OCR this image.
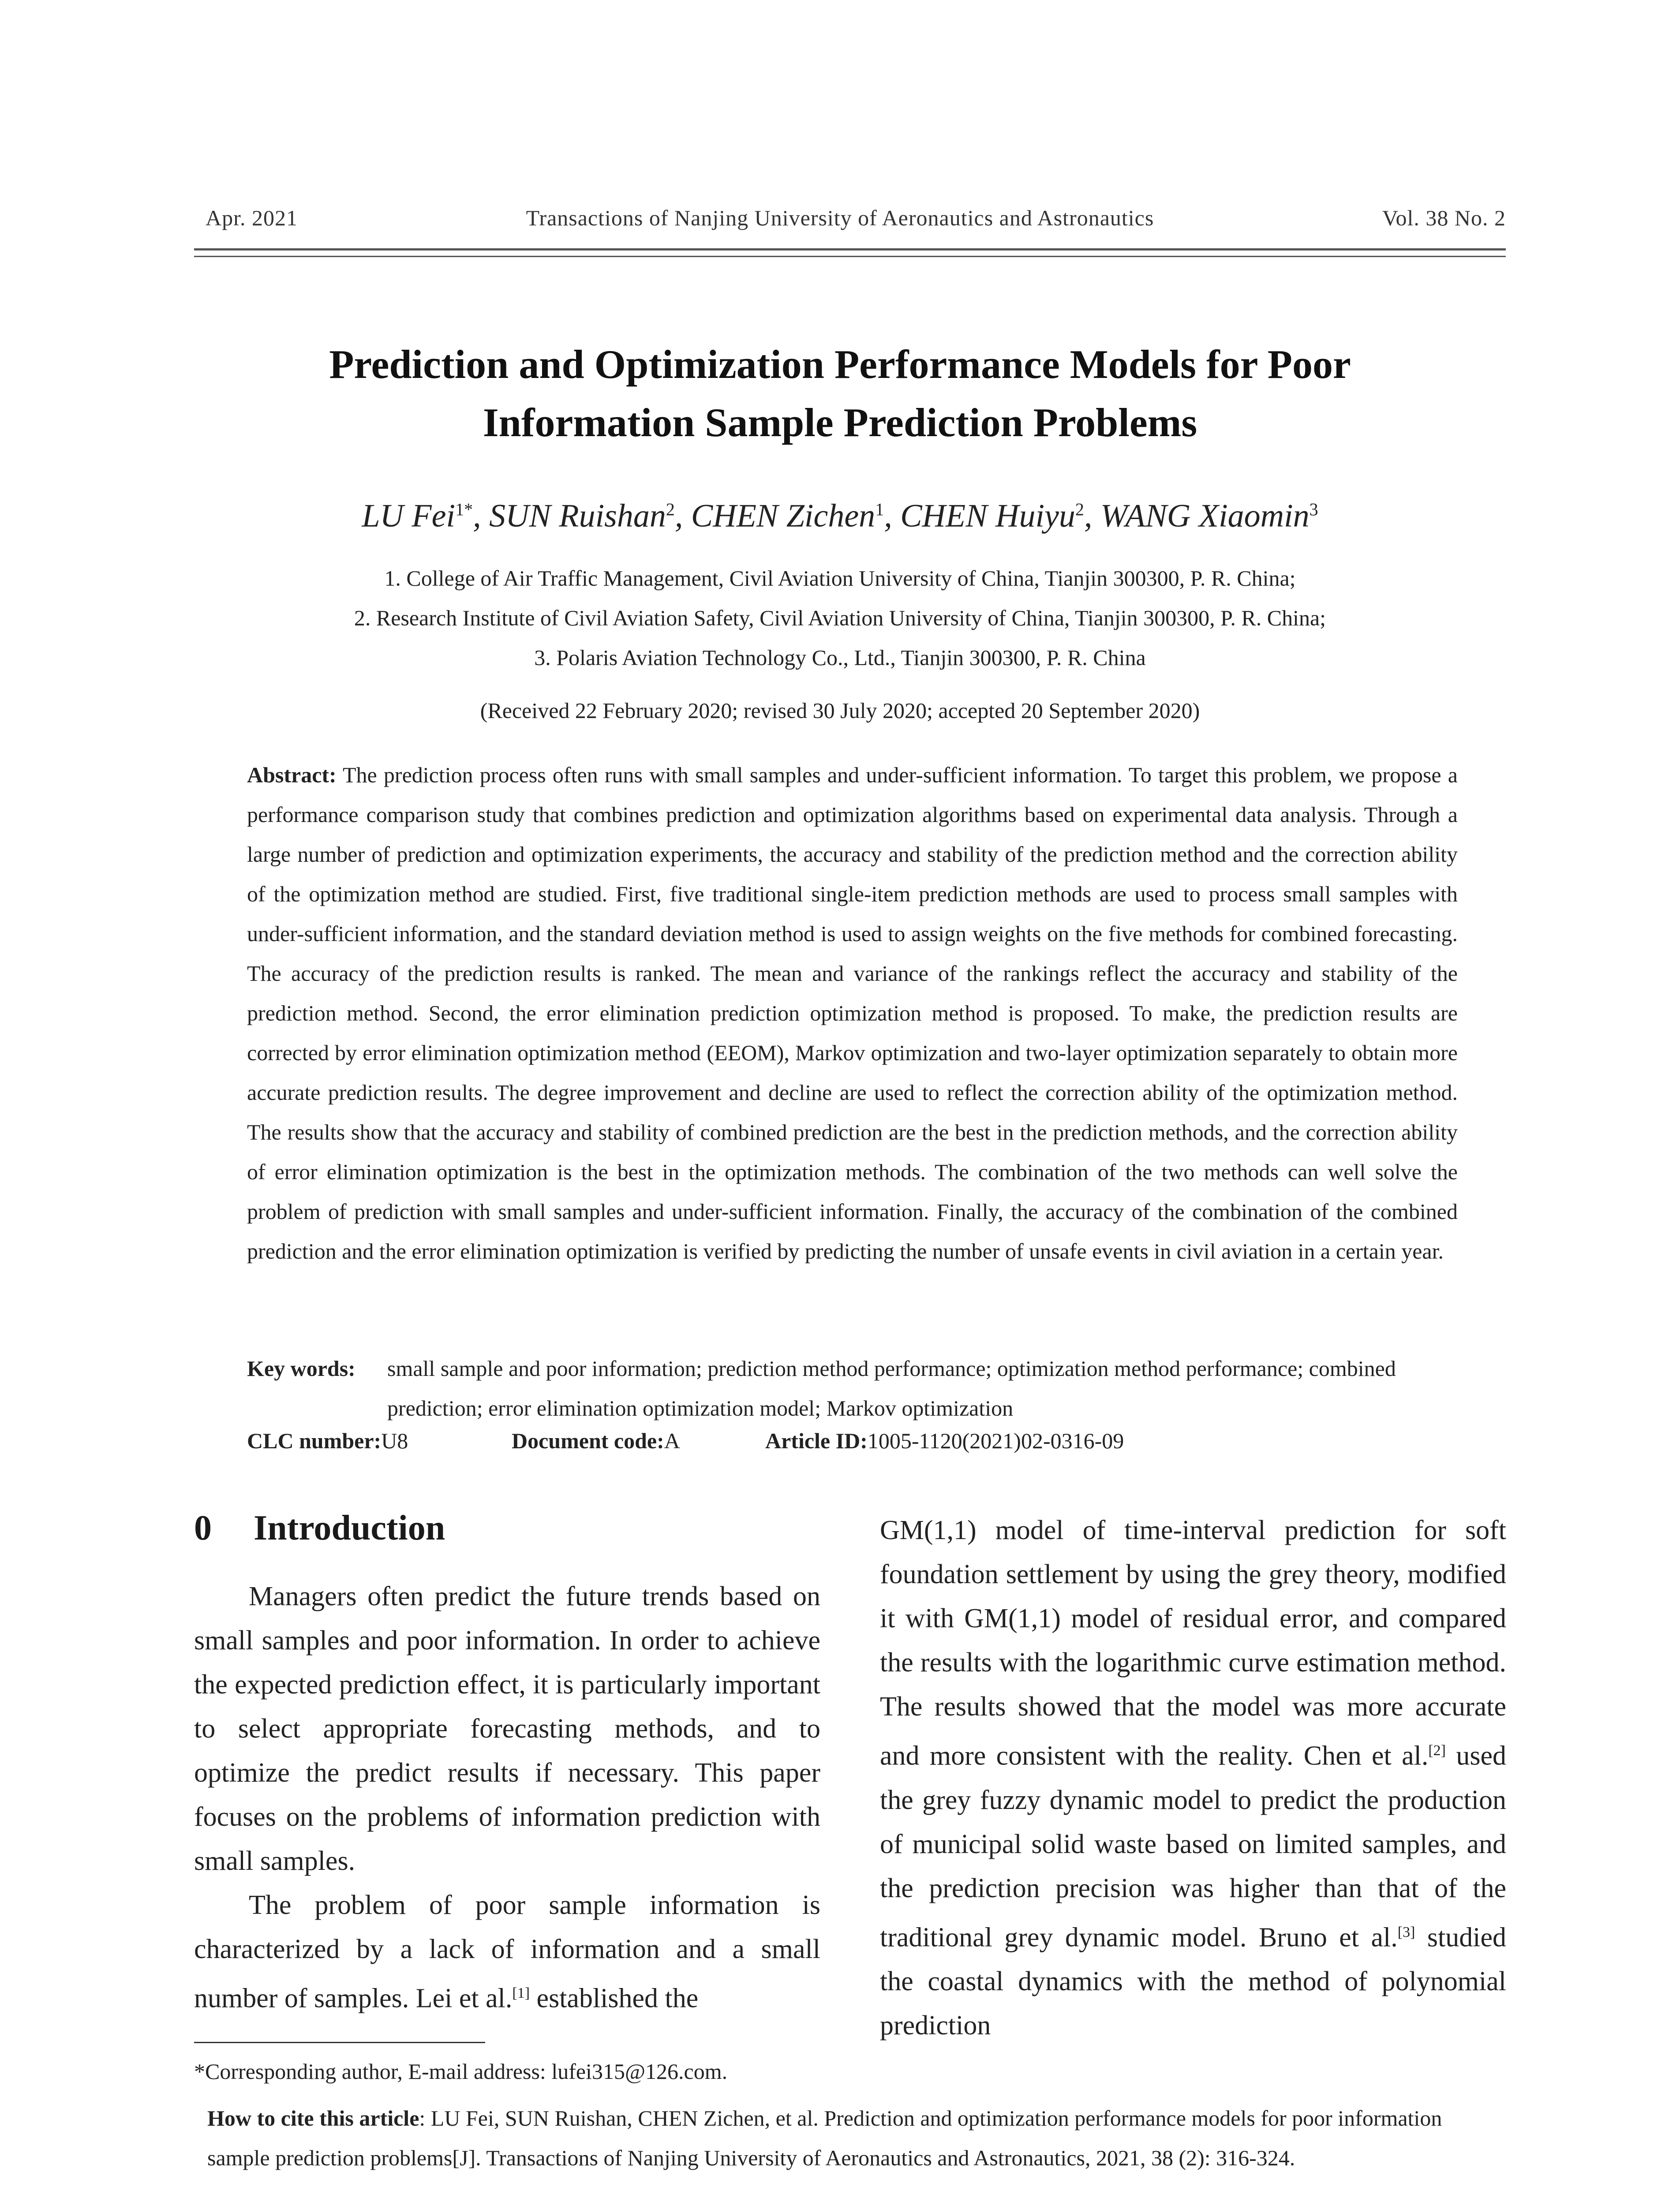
Apr. 2021	Transactions of Nanjing University of Aeronautics and Astronautics	Vol. 38 No. 2
Prediction and Optimization Performance Models for Poor
Information Sample Prediction Problems
LU Fei$^{1*}$, SUN Ruishan$^2$, CHEN Zichen$^1$, CHEN Huiyu$^2$, WANG Xiaomin$^3$
1. College of Air Traffic Management, Civil Aviation University of China, Tianjin 300300, P. R. China;
2. Research Institute of Civil Aviation Safety, Civil Aviation University of China, Tianjin 300300, P. R. China;
3. Polaris Aviation Technology Co., Ltd., Tianjin 300300, P. R. China
(Received 22 February 2020; revised 30 July 2020; accepted 20 September 2020)
Abstract: The prediction process often runs with small samples and under-sufficient information. To target this problem, we propose a performance comparison study that combines prediction and optimization algorithms based on experimental data analysis. Through a large number of prediction and optimization experiments, the accuracy and stability of the prediction method and the correction ability of the optimization method are studied. First, five traditional single-item prediction methods are used to process small samples with under-sufficient information, and the standard deviation method is used to assign weights on the five methods for combined forecasting. The accuracy of the prediction results is ranked. The mean and variance of the rankings reflect the accuracy and stability of the prediction method. Second, the error elimination prediction optimization method is proposed. To make, the prediction results are corrected by error elimination optimization method (EEOM), Markov optimization and two-layer optimization separately to obtain more accurate prediction results. The degree improvement and decline are used to reflect the correction ability of the optimization method. The results show that the accuracy and stability of combined prediction are the best in the prediction methods, and the correction ability of error elimination optimization is the best in the optimization methods. The combination of the two methods can well solve the problem of prediction with small samples and under-sufficient information. Finally, the accuracy of the combination of the combined prediction and the error elimination optimization is verified by predicting the number of unsafe events in civil aviation in a certain year.
Key words: small sample and poor information; prediction method performance; optimization method performance; combined prediction; error elimination optimization model; Markov optimization
CLC number:U8	Document code:A	Article ID:1005-1120(2021)02-0316-09
0 Introduction

Managers often predict the future trends based on small samples and poor information. In order to achieve the expected prediction effect, it is particularly important to select appropriate forecasting methods, and to optimize the predict results if necessary. This paper focuses on the problems of information prediction with small samples.

The problem of poor sample information is characterized by a lack of information and a small number of samples. Lei et al.[1] established the

GM(1,1) model of time-interval prediction for soft foundation settlement by using the grey theory, modified it with GM(1,1) model of residual error, and compared the results with the logarithmic curve estimation method. The results showed that the model was more accurate and more consistent with the reality. Chen et al.[2] used the grey fuzzy dynamic model to predict the production of municipal solid waste based on limited samples, and the prediction precision was higher than that of the traditional grey dynamic model. Bruno et al.[3] studied the coastal dynamics with the method of polynomial prediction

*Corresponding author, E-mail address: lufei315@126.com.
How to cite this article: LU Fei, SUN Ruishan, CHEN Zichen, et al. Prediction and optimization performance models for poor information sample prediction problems[J]. Transactions of Nanjing University of Aeronautics and Astronautics, 2021, 38 (2): 316-324.
